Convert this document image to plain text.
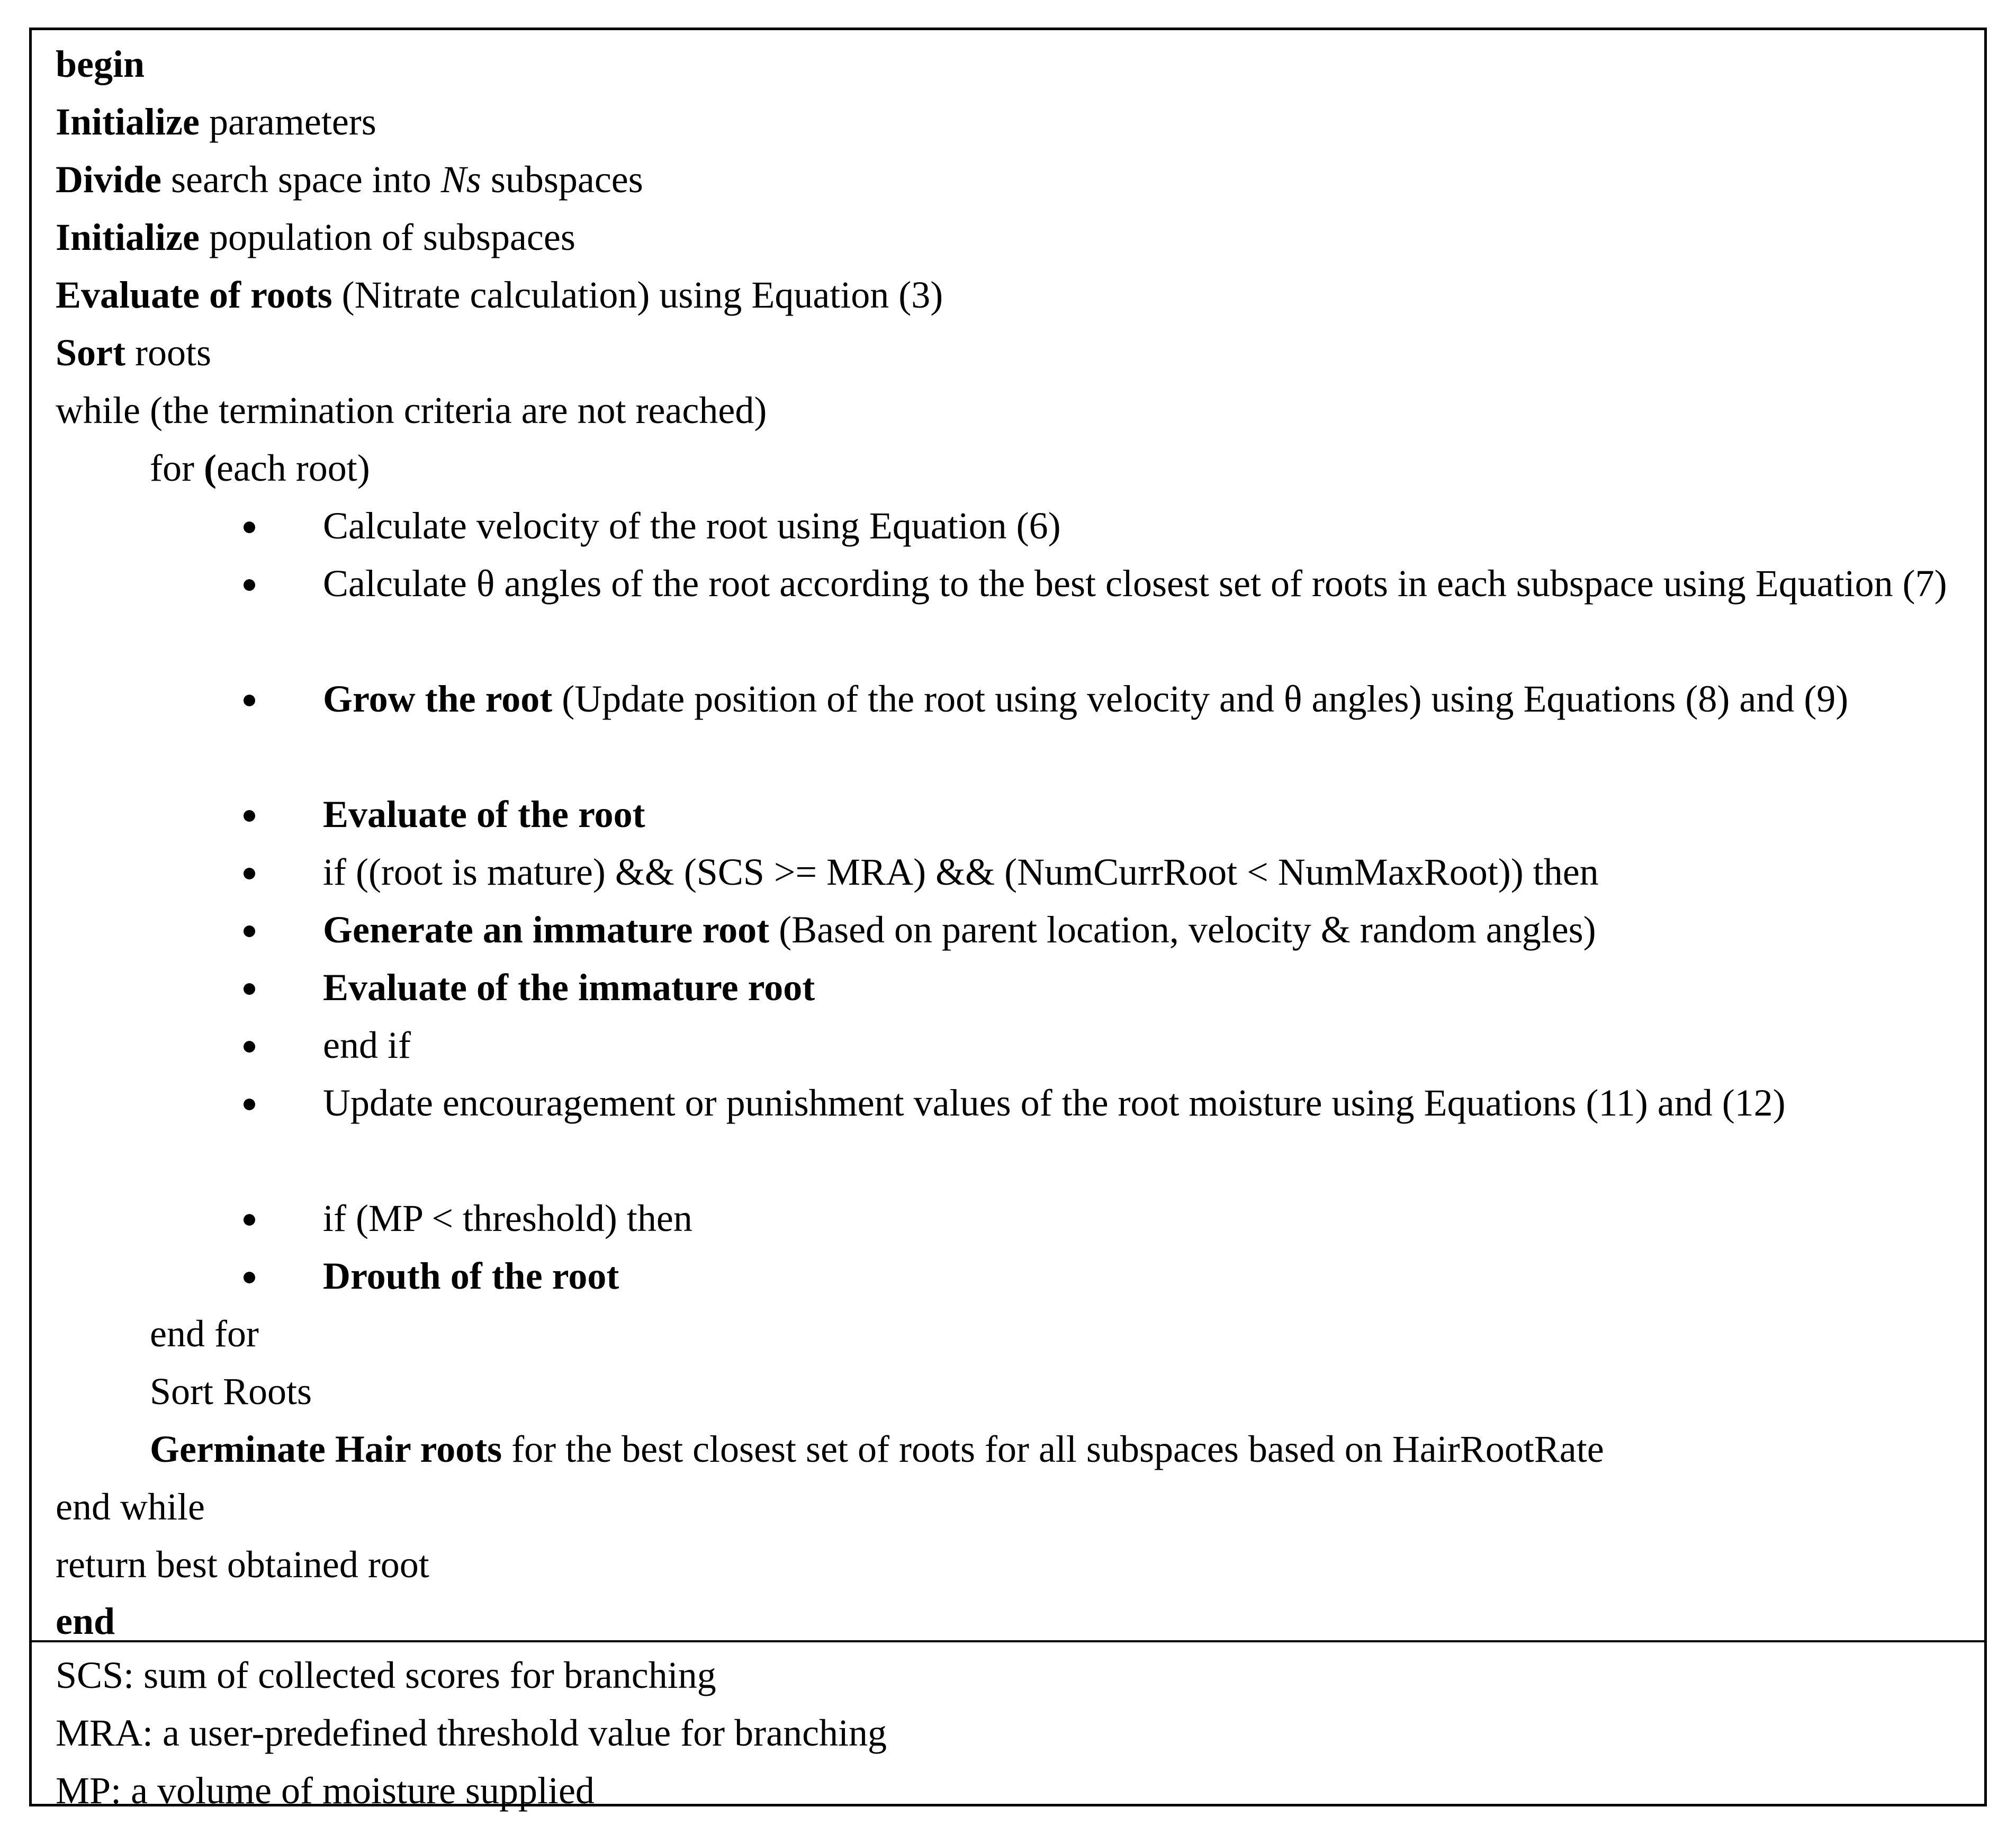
begin
Initialize parameters
Divide search space into Ns subspaces
Initialize population of subspaces
Evaluate of roots (Nitrate calculation) using Equation (3)
Sort roots
while (the termination criteria are not reached)
for (each root)
Calculate velocity of the root using Equation (6)
Calculate θ angles of the root according to the best closest set of roots in each subspace using Equation (7)
Grow the root (Update position of the root using velocity and θ angles) using Equations (8) and (9)
Evaluate of the root
if ((root is mature) && (SCS >= MRA) && (NumCurrRoot < NumMaxRoot)) then
Generate an immature root (Based on parent location, velocity & random angles)
Evaluate of the immature root
end if
Update encouragement or punishment values of the root moisture using Equations (11) and (12)
if (MP < threshold) then
Drouth of the root
end for
Sort Roots
Germinate Hair roots for the best closest set of roots for all subspaces based on HairRootRate
end while
return best obtained root
end
SCS: sum of collected scores for branching
MRA: a user-predefined threshold value for branching
MP: a volume of moisture supplied
